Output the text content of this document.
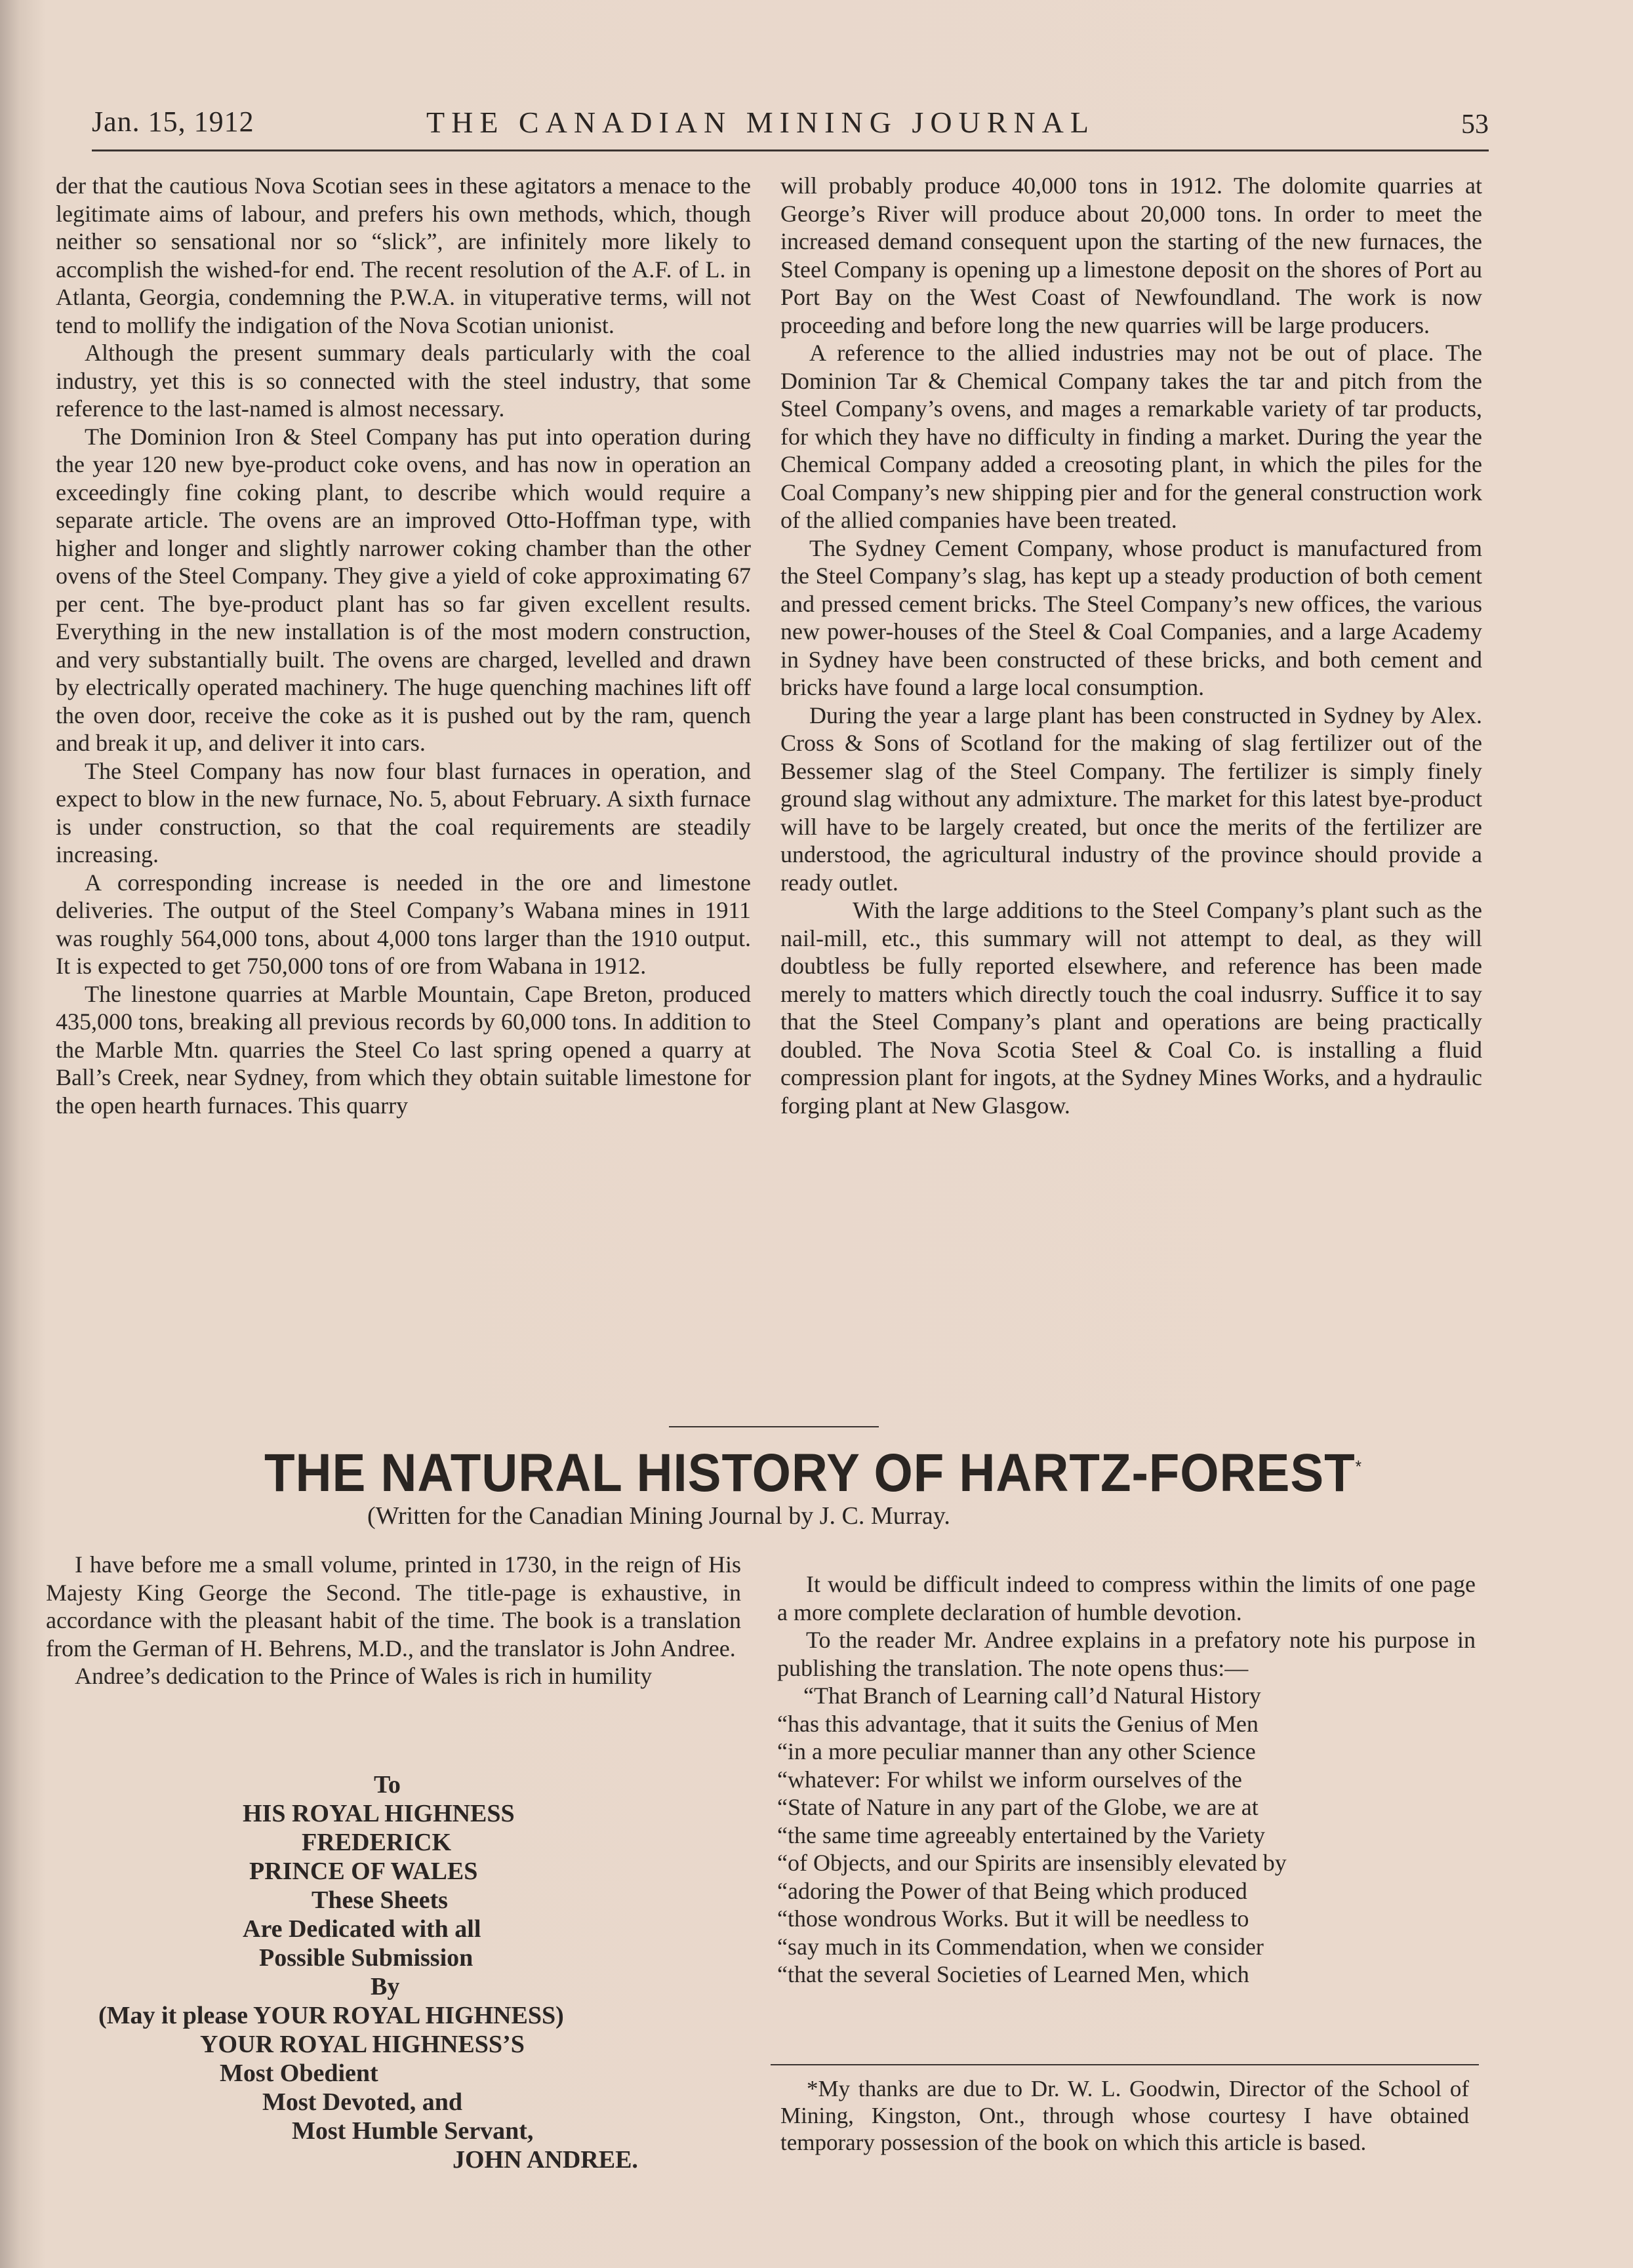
Jan. 15, 1912	THE CANADIAN MINING JOURNAL	53

der that the cautious Nova Scotian sees in these agitators a menace to the legitimate aims of labour, and prefers his own methods, which, though neither so sensational nor so “slick”, are infinitely more likely to accomplish the wished-for end. The recent resolution of the A.F. of L. in Atlanta, Georgia, condemning the P.W.A. in vituperative terms, will not tend to mollify the indigation of the Nova Scotian unionist.

Although the present summary deals particularly with the coal industry, yet this is so connected with the steel industry, that some reference to the last-named is almost necessary.

The Dominion Iron & Steel Company has put into operation during the year 120 new bye-product coke ovens, and has now in operation an exceedingly fine coking plant, to describe which would require a separate article. The ovens are an improved Otto-Hoffman type, with higher and longer and slightly narrower coking chamber than the other ovens of the Steel Company. They give a yield of coke approximating 67 per cent. The bye-product plant has so far given excellent results. Everything in the new installation is of the most modern construction, and very substantially built. The ovens are charged, levelled and drawn by electrically operated machinery. The huge quenching machines lift off the oven door, receive the coke as it is pushed out by the ram, quench and break it up, and deliver it into cars.

The Steel Company has now four blast furnaces in operation, and expect to blow in the new furnace, No. 5, about February. A sixth furnace is under construction, so that the coal requirements are steadily increasing.

A corresponding increase is needed in the ore and limestone deliveries. The output of the Steel Company’s Wabana mines in 1911 was roughly 564,000 tons, about 4,000 tons larger than the 1910 output. It is expected to get 750,000 tons of ore from Wabana in 1912.

The linestone quarries at Marble Mountain, Cape Breton, produced 435,000 tons, breaking all previous records by 60,000 tons. In addition to the Marble Mtn. quarries the Steel Co last spring opened a quarry at Ball’s Creek, near Sydney, from which they obtain suitable limestone for the open hearth furnaces. This quarry

will probably produce 40,000 tons in 1912. The dolomite quarries at George’s River will produce about 20,000 tons. In order to meet the increased demand consequent upon the starting of the new furnaces, the Steel Company is opening up a limestone deposit on the shores of Port au Port Bay on the West Coast of Newfoundland. The work is now proceeding and before long the new quarries will be large producers.

A reference to the allied industries may not be out of place. The Dominion Tar & Chemical Company takes the tar and pitch from the Steel Company’s ovens, and mages a remarkable variety of tar products, for which they have no difficulty in finding a market. During the year the Chemical Company added a creosoting plant, in which the piles for the Coal Company’s new shipping pier and for the general construction work of the allied companies have been treated.

The Sydney Cement Company, whose product is manufactured from the Steel Company’s slag, has kept up a steady production of both cement and pressed cement bricks. The Steel Company’s new offices, the various new power-houses of the Steel & Coal Companies, and a large Academy in Sydney have been constructed of these bricks, and both cement and bricks have found a large local consumption.

During the year a large plant has been constructed in Sydney by Alex. Cross & Sons of Scotland for the making of slag fertilizer out of the Bessemer slag of the Steel Company. The fertilizer is simply finely ground slag without any admixture. The market for this latest bye-product will have to be largely created, but once the merits of the fertilizer are understood, the agricultural industry of the province should provide a ready outlet.

With the large additions to the Steel Company’s plant such as the nail-mill, etc., this summary will not attempt to deal, as they will doubtless be fully reported elsewhere, and reference has been made merely to matters which directly touch the coal indusrry. Suffice it to say that the Steel Company’s plant and operations are being practically doubled. The Nova Scotia Steel & Coal Co. is installing a fluid compression plant for ingots, at the Sydney Mines Works, and a hydraulic forging plant at New Glasgow.

THE NATURAL HISTORY OF HARTZ-FOREST*
(Written for the Canadian Mining Journal by J. C. Murray.

I have before me a small volume, printed in 1730, in the reign of His Majesty King George the Second. The title-page is exhaustive, in accordance with the pleasant habit of the time. The book is a translation from the German of H. Behrens, M.D., and the translator is John Andree.

Andree’s dedication to the Prince of Wales is rich in humility

To
HIS ROYAL HIGHNESS
FREDERICK
PRINCE OF WALES
These Sheets
Are Dedicated with all
Possible Submission
By
(May it please YOUR ROYAL HIGHNESS)
YOUR ROYAL HIGHNESS’S
Most Obedient
Most Devoted, and
Most Humble Servant,
JOHN ANDREE.

It would be difficult indeed to compress within the limits of one page a more complete declaration of humble devotion.

To the reader Mr. Andree explains in a prefatory note his purpose in publishing the translation. The note opens thus:—

“That Branch of Learning call’d Natural History

“has this advantage, that it suits the Genius of Men

“in a more peculiar manner than any other Science

“whatever: For whilst we inform ourselves of the

“State of Nature in any part of the Globe, we are at

“the same time agreeably entertained by the Variety

“of Objects, and our Spirits are insensibly elevated by

“adoring the Power of that Being which produced

“those wondrous Works. But it will be needless to

“say much in its Commendation, when we consider

“that the several Societies of Learned Men, which

*My thanks are due to Dr. W. L. Goodwin, Director of the School of Mining, Kingston, Ont., through whose courtesy I have obtained temporary possession of the book on which this article is based.
